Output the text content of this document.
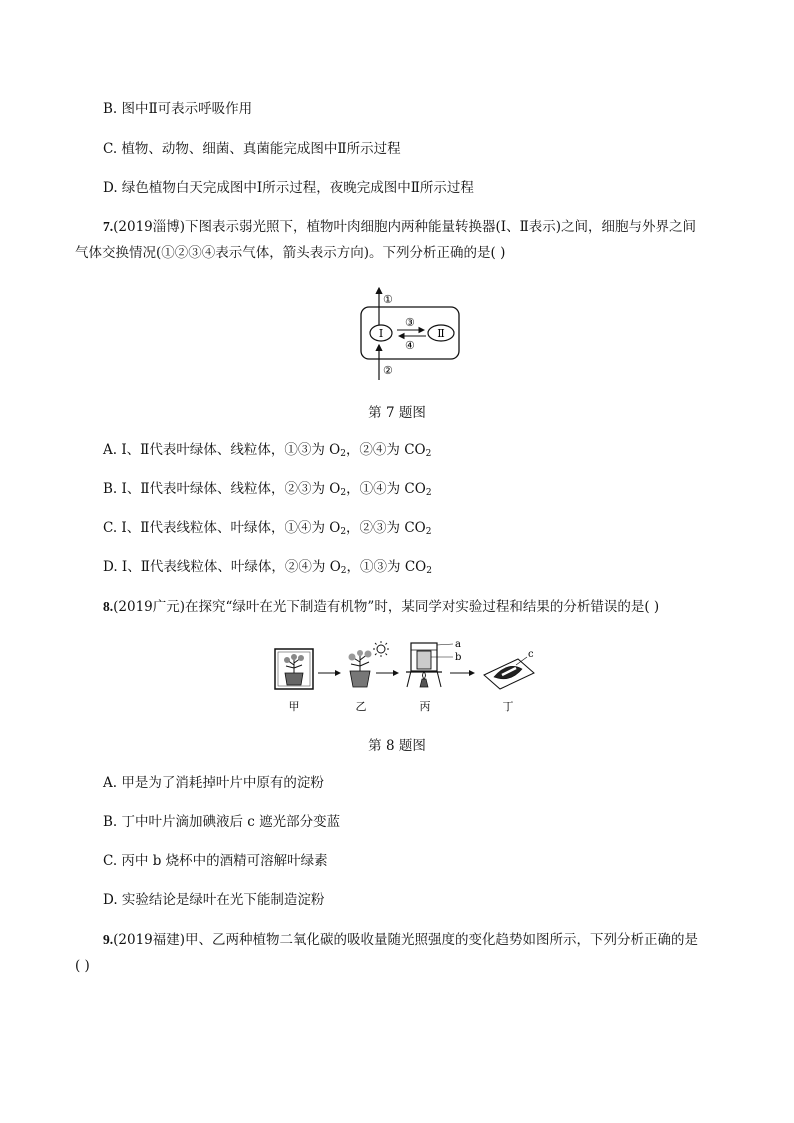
B. 图中Ⅱ可表示呼吸作用
C. 植物、动物、细菌、真菌能完成图中Ⅱ所示过程
D. 绿色植物白天完成图中Ⅰ所示过程，夜晚完成图中Ⅱ所示过程
7.(2019淄博)下图表示弱光照下，植物叶肉细胞内两种能量转换器(Ⅰ、Ⅱ表示)之间，细胞与外界之间
气体交换情况(①②③④表示气体，箭头表示方向)。下列分析正确的是( )
Ⅰ	Ⅱ
①
②
③
④
第 7 题图
A. Ⅰ、Ⅱ代表叶绿体、线粒体，①③为 $O_2$，②④为 $CO_2$
B. Ⅰ、Ⅱ代表叶绿体、线粒体，②③为 $O_2$，①④为 $CO_2$
C. Ⅰ、Ⅱ代表线粒体、叶绿体，①④为 $O_2$，②③为 $CO_2$
D. Ⅰ、Ⅱ代表线粒体、叶绿体，②④为 $O_2$，①③为 $CO_2$
8.(2019广元)在探究“绿叶在光下制造有机物”时，某同学对实验过程和结果的分析错误的是( )
a
b	c
甲	乙	丙	丁
第 8 题图
A. 甲是为了消耗掉叶片中原有的淀粉
B. 丁中叶片滴加碘液后 c 遮光部分变蓝
C. 丙中 b 烧杯中的酒精可溶解叶绿素
D. 实验结论是绿叶在光下能制造淀粉
9.(2019福建)甲、乙两种植物二氧化碳的吸收量随光照强度的变化趋势如图所示，下列分析正确的是
( )
